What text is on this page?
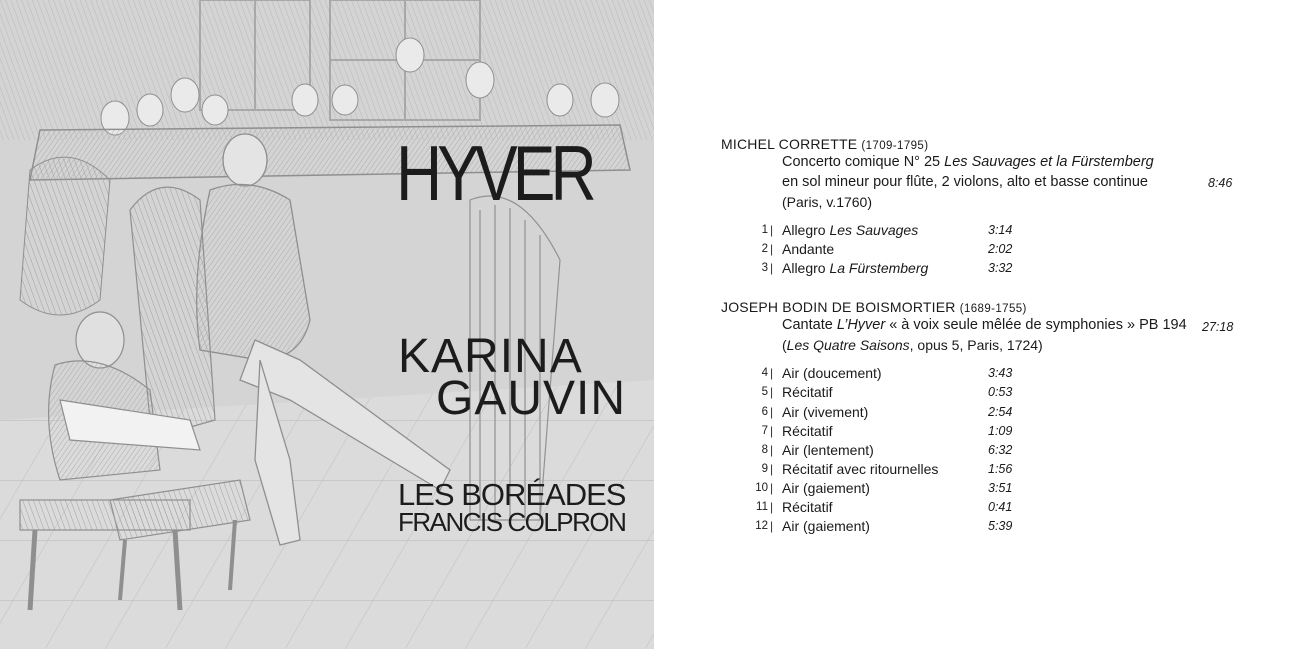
HYVER
KARINA
GAUVIN
LES BORÉADES
FRANCIS COLPRON
MICHEL CORRETTE (1709-1795)
Concerto comique N° 25 Les Sauvages et la Fürstemberg
en sol mineur pour flûte, 2 violons, alto et basse continue	8:46
(Paris, v.1760)
1 | Allegro Les Sauvages	3:14
2 | Andante	2:02
3 | Allegro La Fürstemberg	3:32
JOSEPH BODIN DE BOISMORTIER (1689-1755)
Cantate L’Hyver « à voix seule mêlée de symphonies » PB 194 27:18
(Les Quatre Saisons, opus 5, Paris, 1724)
4 | Air (doucement)	3:43
5 | Récitatif	0:53
6 | Air (vivement)	2:54
7 | Récitatif	1:09
8 | Air (lentement)	6:32
9 | Récitatif avec ritournelles	1:56
10 | Air (gaiement)	3:51
11 | Récitatif	0:41
12 | Air (gaiement)	5:39
